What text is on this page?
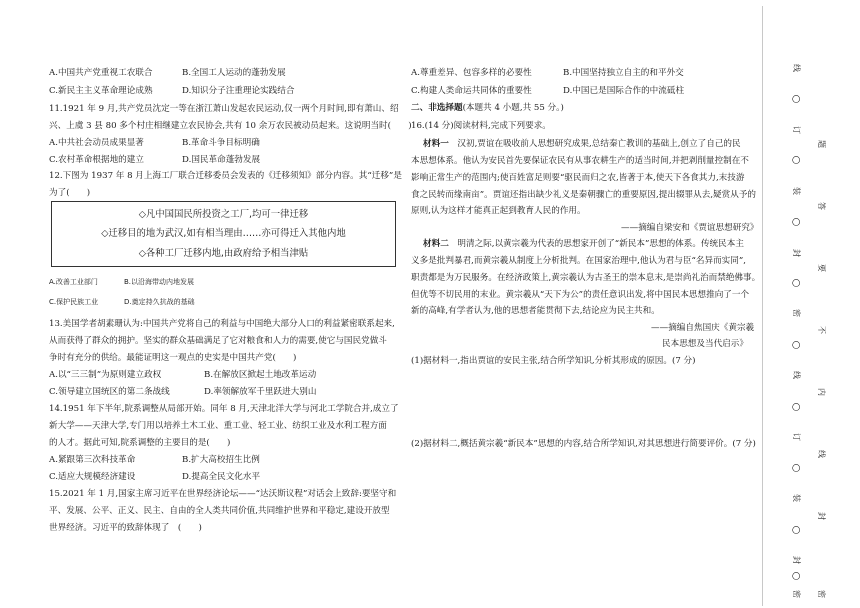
A.中国共产党重视工农联合	B.全国工人运动的蓬勃发展
C.新民主主义革命理论成熟	D.知识分子注重理论实践结合
11.1921 年 9 月,共产党员沈定一等在浙江萧山发起农民运动,仅一两个月时间,即有萧山、绍
兴、上虞 3 县 80 多个村庄相继建立农民协会,共有 10 余万农民被动员起来。这说明当时(　　)
A.中共社会动员成果显著	B.革命斗争目标明确
C.农村革命根据地的建立	D.国民革命蓬勃发展
12.下图为 1937 年 8 月上海工厂联合迁移委员会发表的《迁移须知》部分内容。其“迁移”是
为了(　　)
◇凡中国国民所投资之工厂,均可一律迁移
◇迁移目的地为武汉,如有相当理由……亦可得迁入其他内地
◇各种工厂迁移内地,由政府给予相当津贴
A.改善工业部门	B.以沿海带动内地发展
C.保护民族工业	D.奠定持久抗战的基础
13.美国学者胡素珊认为:中国共产党将自己的利益与中国绝大部分人口的利益紧密联系起来,
从而获得了群众的拥护。坚实的群众基础满足了它对粮食和人力的需要,使它与国民党做斗
争时有充分的供给。最能证明这一观点的史实是中国共产党(　　)
A.以“三三制”为原则建立政权	B.在解放区掀起土地改革运动
C.领导建立国统区的第二条战线	D.率领解放军千里跃进大别山
14.1951 年下半年,院系调整从局部开始。同年 8 月,天津北洋大学与河北工学院合并,成立了
新大学——天津大学,专门用以培养土木工业、重工业、轻工业、纺织工业及水利工程方面
的人才。据此可知,院系调整的主要目的是(　　)
A.紧跟第三次科技革命	B.扩大高校招生比例
C.适应大规模经济建设	D.提高全民文化水平
15.2021 年 1 月,国家主席习近平在世界经济论坛——“达沃斯议程”对话会上致辞:要坚守和
平、发展、公平、正义、民主、自由的全人类共同价值,共同维护世界和平稳定,建设开放型
世界经济。习近平的致辞体现了　(　　)
A.尊重差异、包容多样的必要性	B.中国坚持独立自主的和平外交
C.构建人类命运共同体的重要性	D.中国已是国际合作的中流砥柱
二、非选择题(本题共 4 小题,共 55 分。)
16.(14 分)阅读材料,完成下列要求。
材料一　汉初,贾谊在吸收前人思想研究成果,总结秦亡教训的基础上,创立了自己的民
本思想体系。他认为安民首先要保证农民有从事农耕生产的适当时间,并把剥削量控制在不
影响正常生产的范围内;使百姓富足则要“驱民而归之农,皆著于本,使天下各食其力,末技游
食之民转而缘南亩”。贾谊还指出缺少礼义是秦朝骤亡的重要原因,提出辍罪从去,疑赏从予的
原则,认为这样才能真正起到教育人民的作用。
——摘编自梁安和《贾谊思想研究》
材料二　明清之际,以黄宗羲为代表的思想家开创了“新民本”思想的体系。传统民本主
义多是批判暴君,而黄宗羲从制度上分析批判。在国家治理中,他认为君与臣“名异而实同”,
职责都是为万民服务。在经济政策上,黄宗羲认为古圣王的崇本息末,是崇尚礼治而禁绝佛事。
但优等不切民用的末业。黄宗羲从“天下为公”的责任意识出发,将中国民本思想推向了一个
新的高峰,有学者认为,他的思想者能贯彻下去,结论应为民主共和。
——摘编自焦国庆《黄宗羲
民本思想及当代启示》
(1)据材料一,指出贾谊的安民主张,结合所学知识,分析其形成的原因。(7 分)
(2)据材料二,概括黄宗羲“新民本”思想的内容,结合所学知识,对其思想进行简要评价。(7 分)
线
○
订
○
装
○
封
○
密
○
线
○
订
○
装
○
封
○
密
题
答
要
不
内
线
封
密
